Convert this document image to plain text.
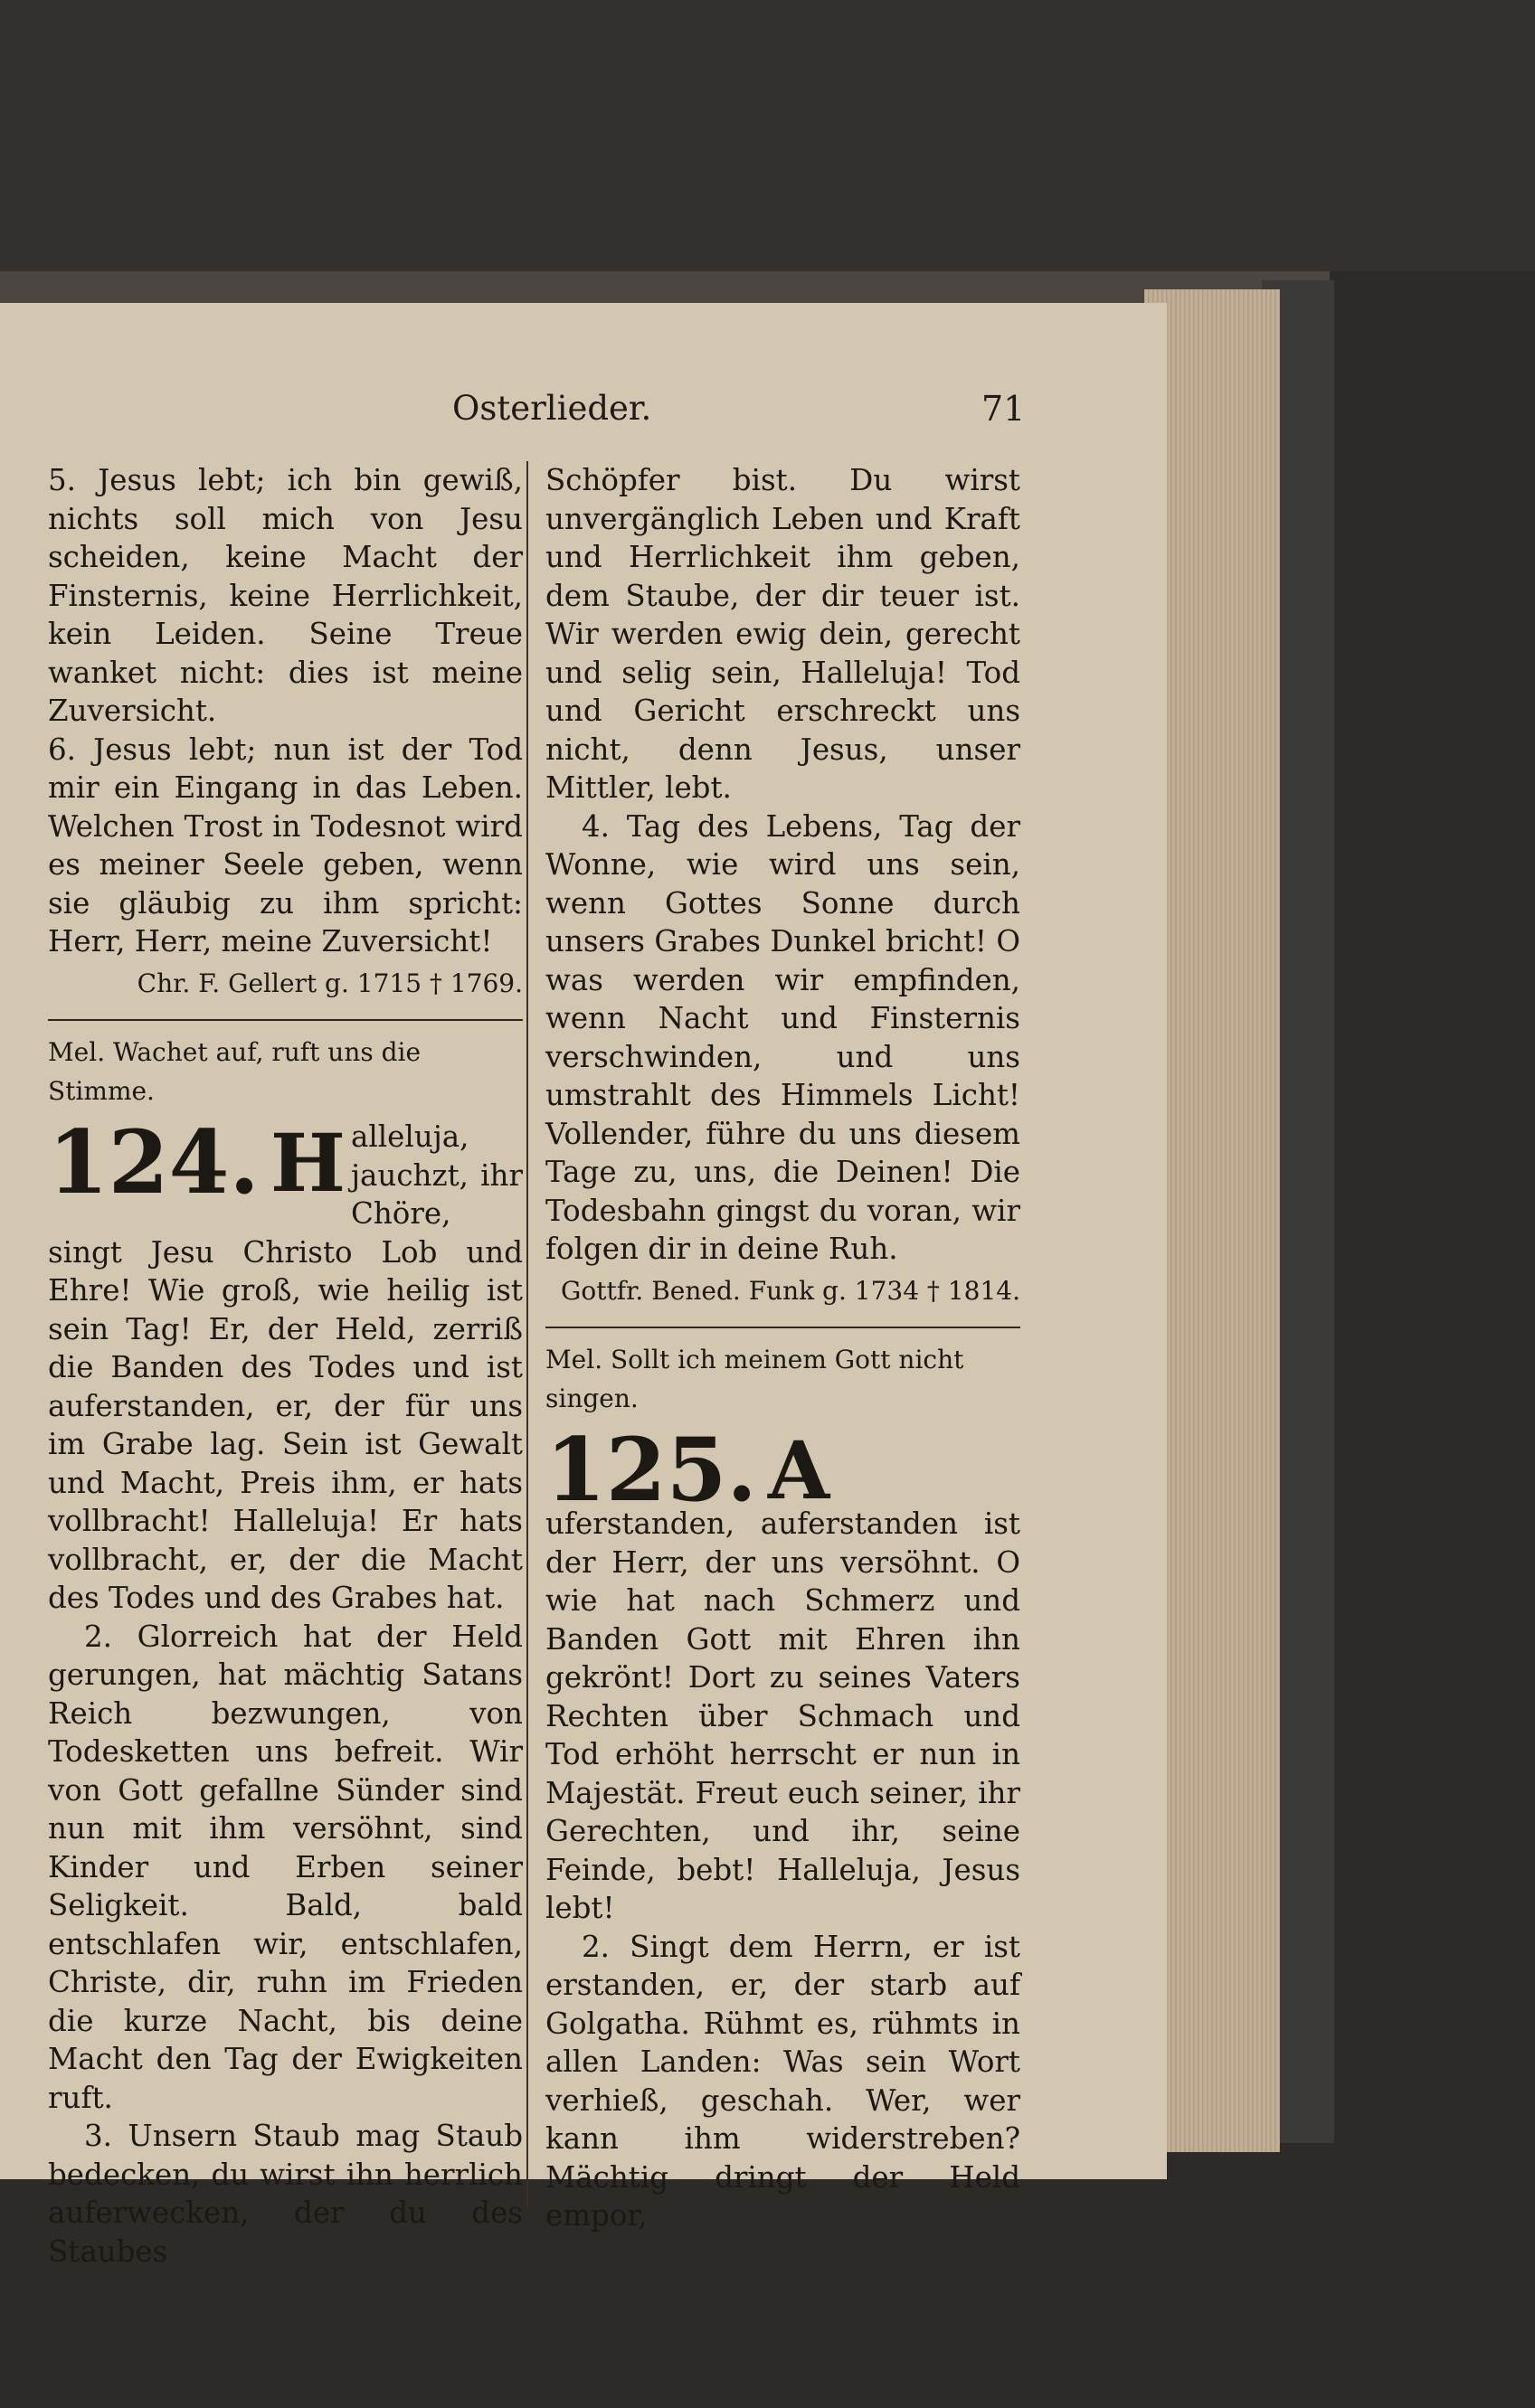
Osterlieder.	71

5. Jesus lebt; ich bin gewiß, nichts soll mich von Jesu scheiden, keine Macht der Finsternis, keine Herrlichkeit, kein Leiden. Seine Treue wanket nicht: dies ist meine Zuversicht.

6. Jesus lebt; nun ist der Tod mir ein Eingang in das Leben. Welchen Trost in Todesnot wird es meiner Seele geben, wenn sie gläubig zu ihm spricht: Herr, Herr, meine Zuversicht!

Chr. F. Gellert g. 1715 † 1769.
Mel. Wachet auf, ruft uns die Stimme.

124. H alleluja, jauchzt, ihr Chöre, singt Jesu Christo Lob und Ehre! Wie groß, wie heilig ist sein Tag! Er, der Held, zerriß die Banden des Todes und ist auferstanden, er, der für uns im Grabe lag. Sein ist Gewalt und Macht, Preis ihm, er hats vollbracht! Halleluja! Er hats vollbracht, er, der die Macht des Todes und des Grabes hat.

2. Glorreich hat der Held gerungen, hat mächtig Satans Reich bezwungen, von Todesketten uns befreit. Wir von Gott gefallne Sünder sind nun mit ihm versöhnt, sind Kinder und Erben seiner Seligkeit. Bald, bald entschlafen wir, entschlafen, Christe, dir, ruhn im Frieden die kurze Nacht, bis deine Macht den Tag der Ewigkeiten ruft.

3. Unsern Staub mag Staub bedecken, du wirst ihn herrlich auferwecken, der du des Staubes

Schöpfer bist. Du wirst unvergänglich Leben und Kraft und Herrlichkeit ihm geben, dem Staube, der dir teuer ist. Wir werden ewig dein, gerecht und selig sein, Halleluja! Tod und Gericht erschreckt uns nicht, denn Jesus, unser Mittler, lebt.

4. Tag des Lebens, Tag der Wonne, wie wird uns sein, wenn Gottes Sonne durch unsers Grabes Dunkel bricht! O was werden wir empfinden, wenn Nacht und Finsternis verschwinden, und uns umstrahlt des Himmels Licht! Vollender, führe du uns diesem Tage zu, uns, die Deinen! Die Todesbahn gingst du voran, wir folgen dir in deine Ruh.

Gottfr. Bened. Funk g. 1734 † 1814.
Mel. Sollt ich meinem Gott nicht singen.

125. A
uferstanden, auferstanden ist der Herr, der uns versöhnt. O wie hat nach Schmerz und Banden Gott mit Ehren ihn gekrönt! Dort zu seines Vaters Rechten über Schmach und Tod erhöht herrscht er nun in Majestät. Freut euch seiner, ihr Gerechten, und ihr, seine Feinde, bebt! Halleluja, Jesus lebt!

2. Singt dem Herrn, er ist erstanden, er, der starb auf Golgatha. Rühmt es, rühmts in allen Landen: Was sein Wort verhieß, geschah. Wer, wer kann ihm widerstreben? Mächtig dringt der Held empor,
